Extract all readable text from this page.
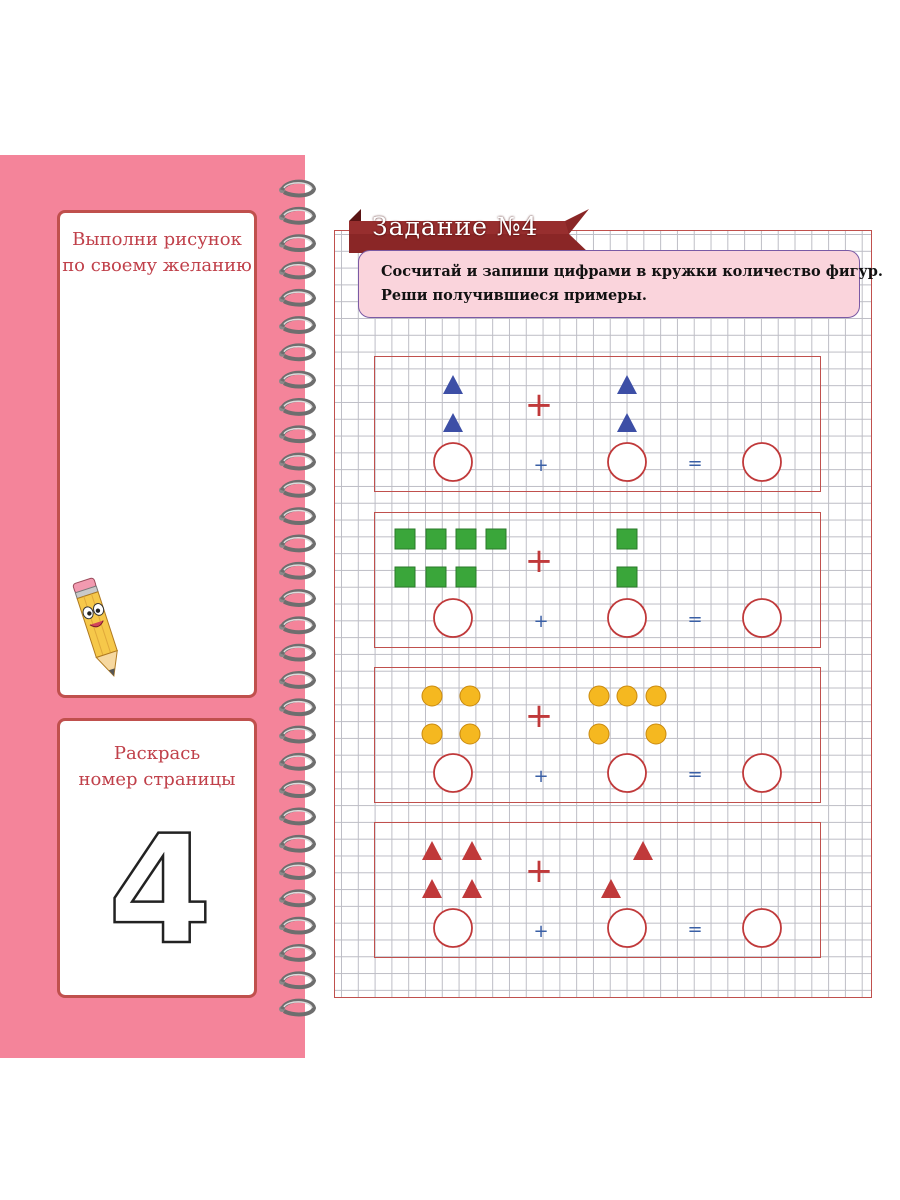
Выполни рисунок
по своему желанию
Раскрась
номер страницы
4
Задание №4
Сосчитай и запиши цифрами в кружки количество фигур.
Реши получившиеся примеры.
+
+	=
+
+	=
+
+	=
+
+	=
